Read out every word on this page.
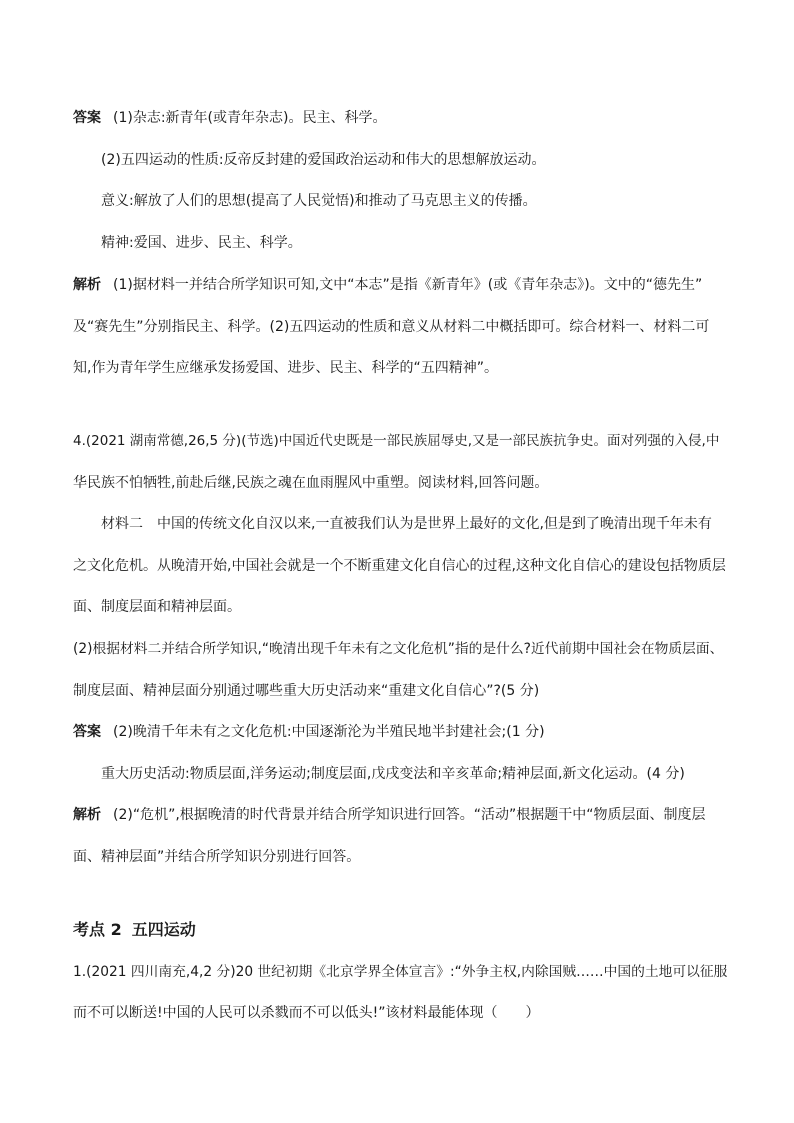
答案 (1)杂志:新青年(或青年杂志)。民主、科学。
(2)五四运动的性质:反帝反封建的爱国政治运动和伟大的思想解放运动。
意义:解放了人们的思想(提高了人民觉悟)和推动了马克思主义的传播。
精神:爱国、进步、民主、科学。
解析 (1)据材料一并结合所学知识可知,文中“本志”是指《新青年》(或《青年杂志》)。文中的“德先生”
及“赛先生”分别指民主、科学。(2)五四运动的性质和意义从材料二中概括即可。综合材料一、材料二可
知,作为青年学生应继承发扬爱国、进步、民主、科学的“五四精神”。
4.(2021 湖南常德,26,5 分)(节选)中国近代史既是一部民族屈辱史,又是一部民族抗争史。面对列强的入侵,中
华民族不怕牺牲,前赴后继,民族之魂在血雨腥风中重塑。阅读材料,回答问题。
材料二　中国的传统文化自汉以来,一直被我们认为是世界上最好的文化,但是到了晚清出现千年未有
之文化危机。从晚清开始,中国社会就是一个不断重建文化自信心的过程,这种文化自信心的建设包括物质层
面、制度层面和精神层面。
(2)根据材料二并结合所学知识,“晚清出现千年未有之文化危机”指的是什么?近代前期中国社会在物质层面、
制度层面、精神层面分别通过哪些重大历史活动来“重建文化自信心”?(5 分)
答案 (2)晚清千年未有之文化危机:中国逐渐沦为半殖民地半封建社会;(1 分)
重大历史活动:物质层面,洋务运动;制度层面,戊戌变法和辛亥革命;精神层面,新文化运动。(4 分)
解析 (2)“危机”,根据晚清的时代背景并结合所学知识进行回答。“活动”根据题干中“物质层面、制度层
面、精神层面”并结合所学知识分别进行回答。
考点 2 五四运动
1.(2021 四川南充,4,2 分)20 世纪初期《北京学界全体宣言》:“外争主权,内除国贼……中国的土地可以征服
而不可以断送!中国的人民可以杀戮而不可以低头!”该材料最能体现（　　）
